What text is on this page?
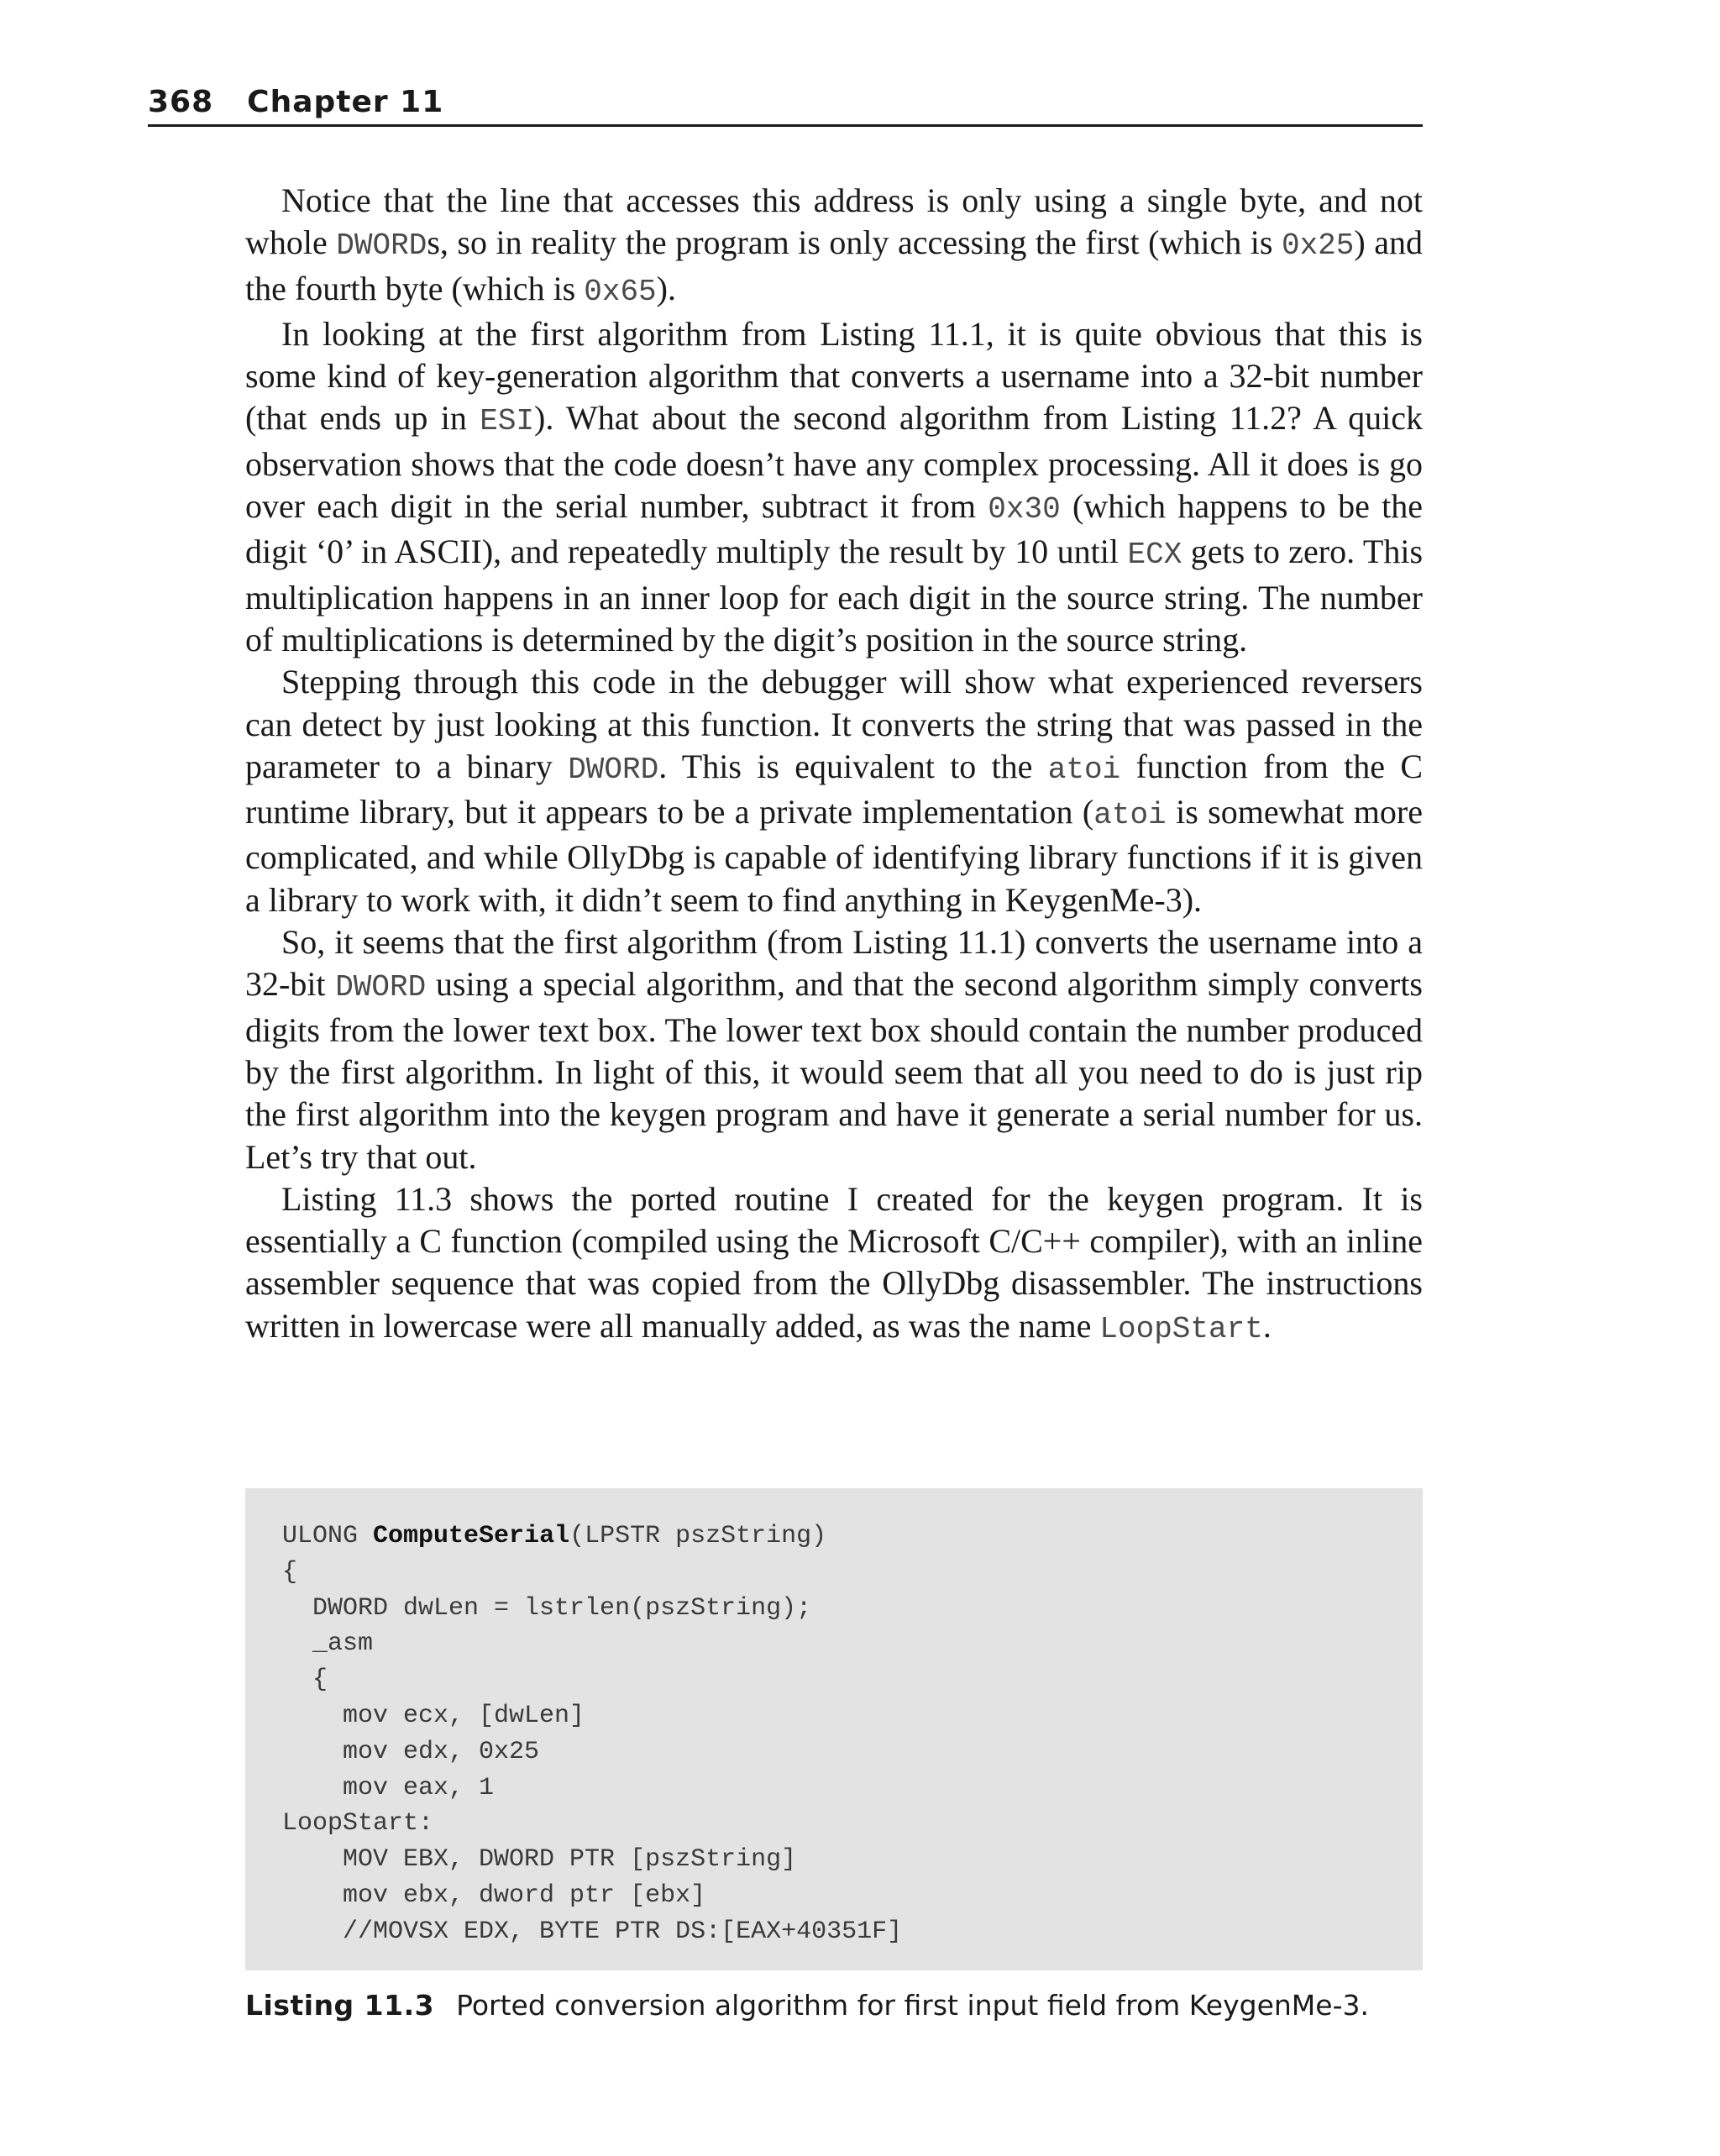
368 Chapter 11

Notice that the line that accesses this address is only using a single byte, and not whole DWORDs, so in reality the program is only accessing the first (which is 0x25) and the fourth byte (which is 0x65).

In looking at the first algorithm from Listing 11.1, it is quite obvious that this is some kind of key-generation algorithm that converts a username into a 32-bit number (that ends up in ESI). What about the second algorithm from Listing 11.2? A quick observation shows that the code doesn’t have any complex processing. All it does is go over each digit in the serial number, subtract it from 0x30 (which happens to be the digit ‘0’ in ASCII), and repeatedly multiply the result by 10 until ECX gets to zero. This multiplication happens in an inner loop for each digit in the source string. The number of multiplications is determined by the digit’s position in the source string.

Stepping through this code in the debugger will show what experienced reversers can detect by just looking at this function. It converts the string that was passed in the parameter to a binary DWORD. This is equivalent to the atoi function from the C runtime library, but it appears to be a private implementation (atoi is somewhat more complicated, and while OllyDbg is capable of identifying library functions if it is given a library to work with, it didn’t seem to find anything in KeygenMe-3).

So, it seems that the first algorithm (from Listing 11.1) converts the username into a 32-bit DWORD using a special algorithm, and that the second algorithm simply converts digits from the lower text box. The lower text box should contain the number produced by the first algorithm. In light of this, it would seem that all you need to do is just rip the first algorithm into the keygen program and have it generate a serial number for us. Let’s try that out.

Listing 11.3 shows the ported routine I created for the keygen program. It is essentially a C function (compiled using the Microsoft C/C++ compiler), with an inline assembler sequence that was copied from the OllyDbg disassembler. The instructions written in lowercase were all manually added, as was the name LoopStart.

ULONG ComputeSerial(LPSTR pszString)
{
DWORD dwLen = lstrlen(pszString);
_asm
{
mov ecx, [dwLen]
mov edx, 0x25
mov eax, 1
LoopStart:
MOV EBX, DWORD PTR [pszString]
mov ebx, dword ptr [ebx]
//MOVSX EDX, BYTE PTR DS:[EAX+40351F]
Listing 11.3 Ported conversion algorithm for first input field from KeygenMe-3.
